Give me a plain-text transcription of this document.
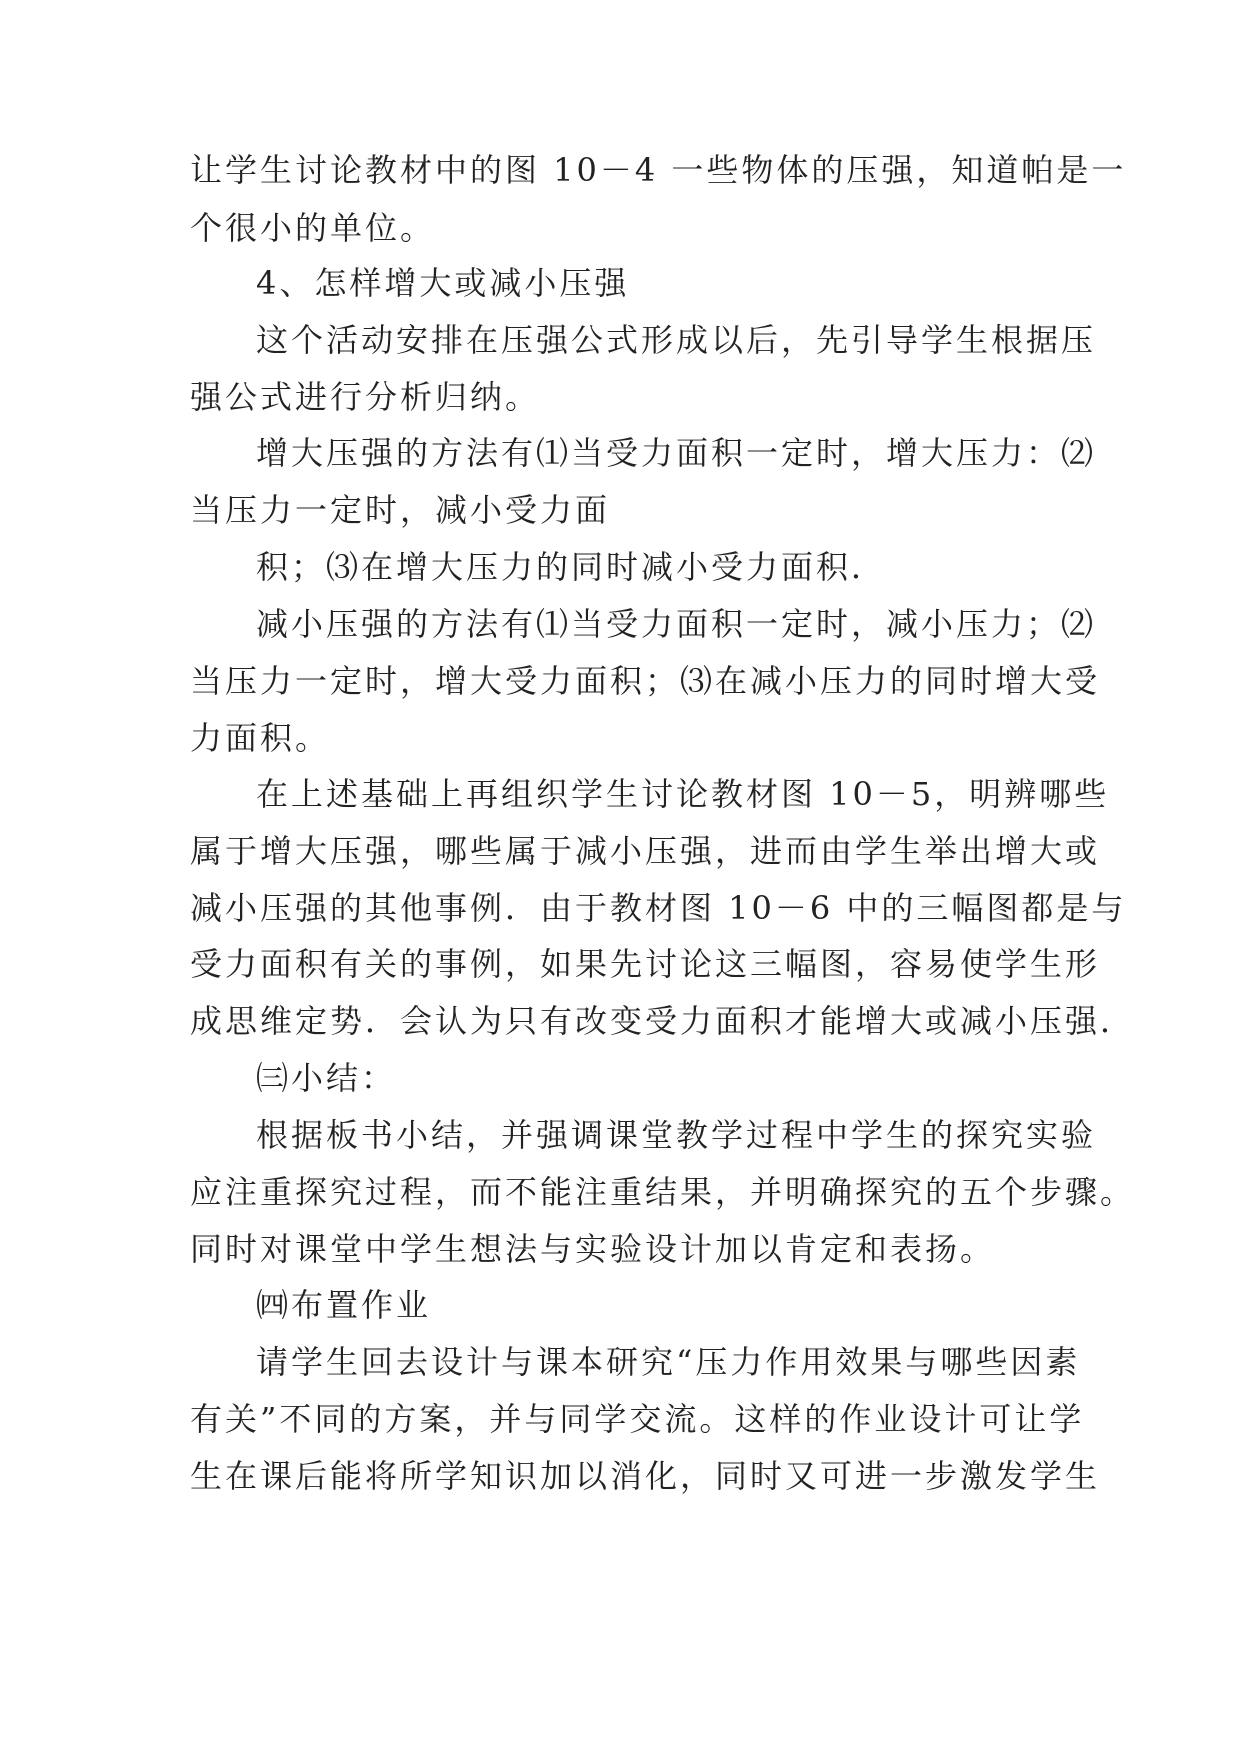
让学生讨论教材中的图 10－4 一些物体的压强，知道帕是一
个很小的单位。
4、怎样增大或减小压强
这个活动安排在压强公式形成以后，先引导学生根据压
强公式进行分析归纳。
增大压强的方法有⑴当受力面积一定时，增大压力：⑵
当压力一定时，减小受力面
积；⑶在增大压力的同时减小受力面积．
减小压强的方法有⑴当受力面积一定时，减小压力；⑵
当压力一定时，增大受力面积；⑶在减小压力的同时增大受
力面积。
在上述基础上再组织学生讨论教材图 10－5，明辨哪些
属于增大压强，哪些属于减小压强，进而由学生举出增大或
减小压强的其他事例．由于教材图 10－6 中的三幅图都是与
受力面积有关的事例，如果先讨论这三幅图，容易使学生形
成思维定势．会认为只有改变受力面积才能增大或减小压强．
㈢小结：
根据板书小结，并强调课堂教学过程中学生的探究实验
应注重探究过程，而不能注重结果，并明确探究的五个步骤。
同时对课堂中学生想法与实验设计加以肯定和表扬。
㈣布置作业
请学生回去设计与课本研究“压力作用效果与哪些因素
有关”不同的方案，并与同学交流。这样的作业设计可让学
生在课后能将所学知识加以消化，同时又可进一步激发学生
